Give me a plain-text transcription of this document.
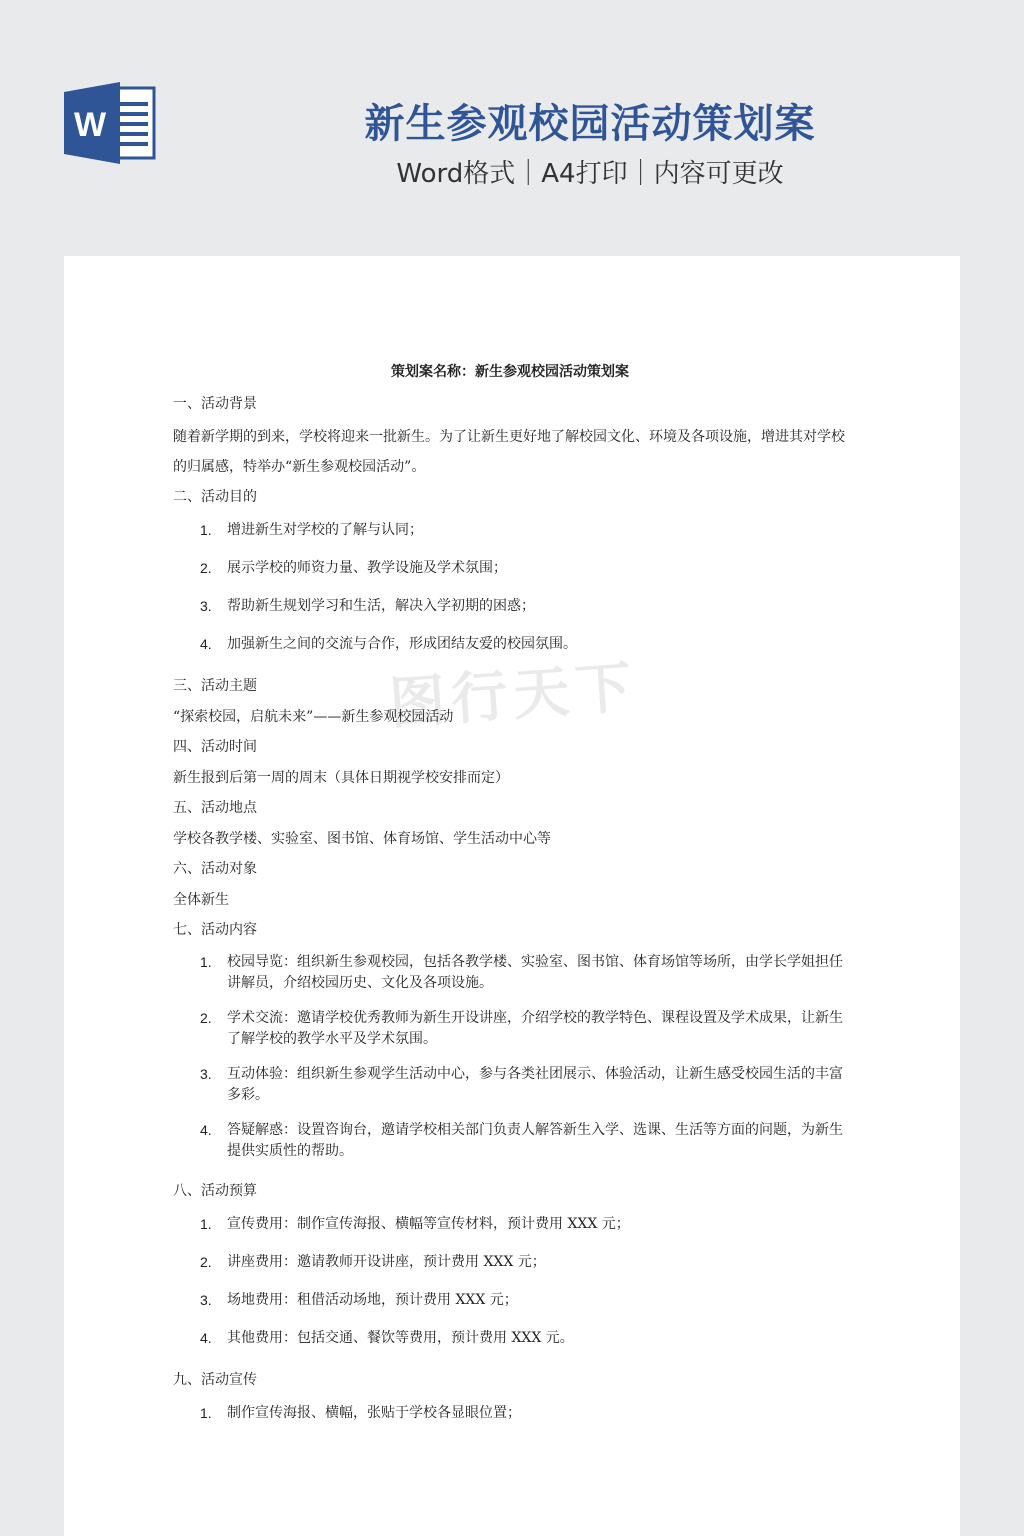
W	新生参观校园活动策划案
Word格式｜A4打印｜内容可更改
图行天下

策划案名称：新生参观校园活动策划案

一、活动背景

随着新学期的到来，学校将迎来一批新生。为了让新生更好地了解校园文化、环境及各项设施，增进其对学校的归属感，特举办“新生参观校园活动”。

二、活动目的

1. 增进新生对学校的了解与认同；
2. 展示学校的师资力量、教学设施及学术氛围；
3. 帮助新生规划学习和生活，解决入学初期的困惑；
4. 加强新生之间的交流与合作，形成团结友爱的校园氛围。

三、活动主题

“探索校园，启航未来”——新生参观校园活动

四、活动时间

新生报到后第一周的周末（具体日期视学校安排而定）

五、活动地点

学校各教学楼、实验室、图书馆、体育场馆、学生活动中心等

六、活动对象

全体新生

七、活动内容

1. 校园导览：组织新生参观校园，包括各教学楼、实验室、图书馆、体育场馆等场所，由学长学姐担任讲解员，介绍校园历史、文化及各项设施。
2. 学术交流：邀请学校优秀教师为新生开设讲座，介绍学校的教学特色、课程设置及学术成果，让新生了解学校的教学水平及学术氛围。
3. 互动体验：组织新生参观学生活动中心，参与各类社团展示、体验活动，让新生感受校园生活的丰富多彩。
4. 答疑解惑：设置咨询台，邀请学校相关部门负责人解答新生入学、选课、生活等方面的问题，为新生提供实质性的帮助。

八、活动预算

1. 宣传费用：制作宣传海报、横幅等宣传材料，预计费用 XXX 元；
2. 讲座费用：邀请教师开设讲座，预计费用 XXX 元；
3. 场地费用：租借活动场地，预计费用 XXX 元；
4. 其他费用：包括交通、餐饮等费用，预计费用 XXX 元。

九、活动宣传

1. 制作宣传海报、横幅，张贴于学校各显眼位置；
